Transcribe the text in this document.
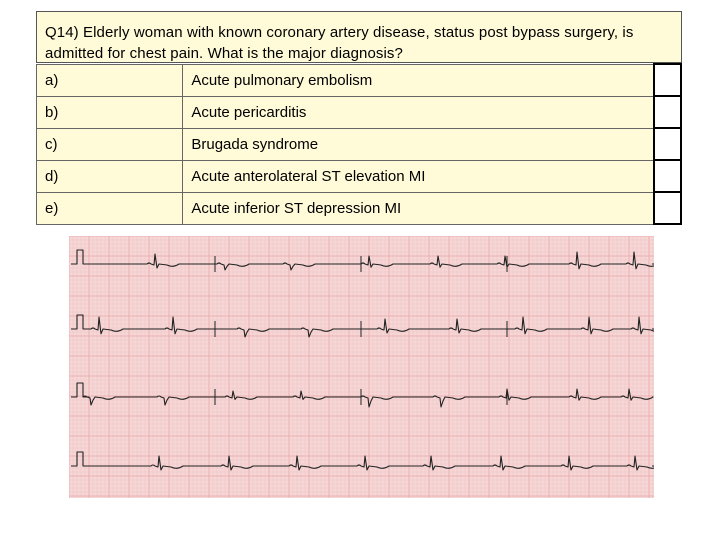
Q14) Elderly woman with known coronary artery disease, status post bypass surgery, is admitted for chest pain. What is the major diagnosis?
a)	Acute pulmonary embolism	
b)	Acute pericarditis	
c)	Brugada syndrome	
d)	Acute anterolateral ST elevation MI	
e)	Acute inferior ST depression MI	
